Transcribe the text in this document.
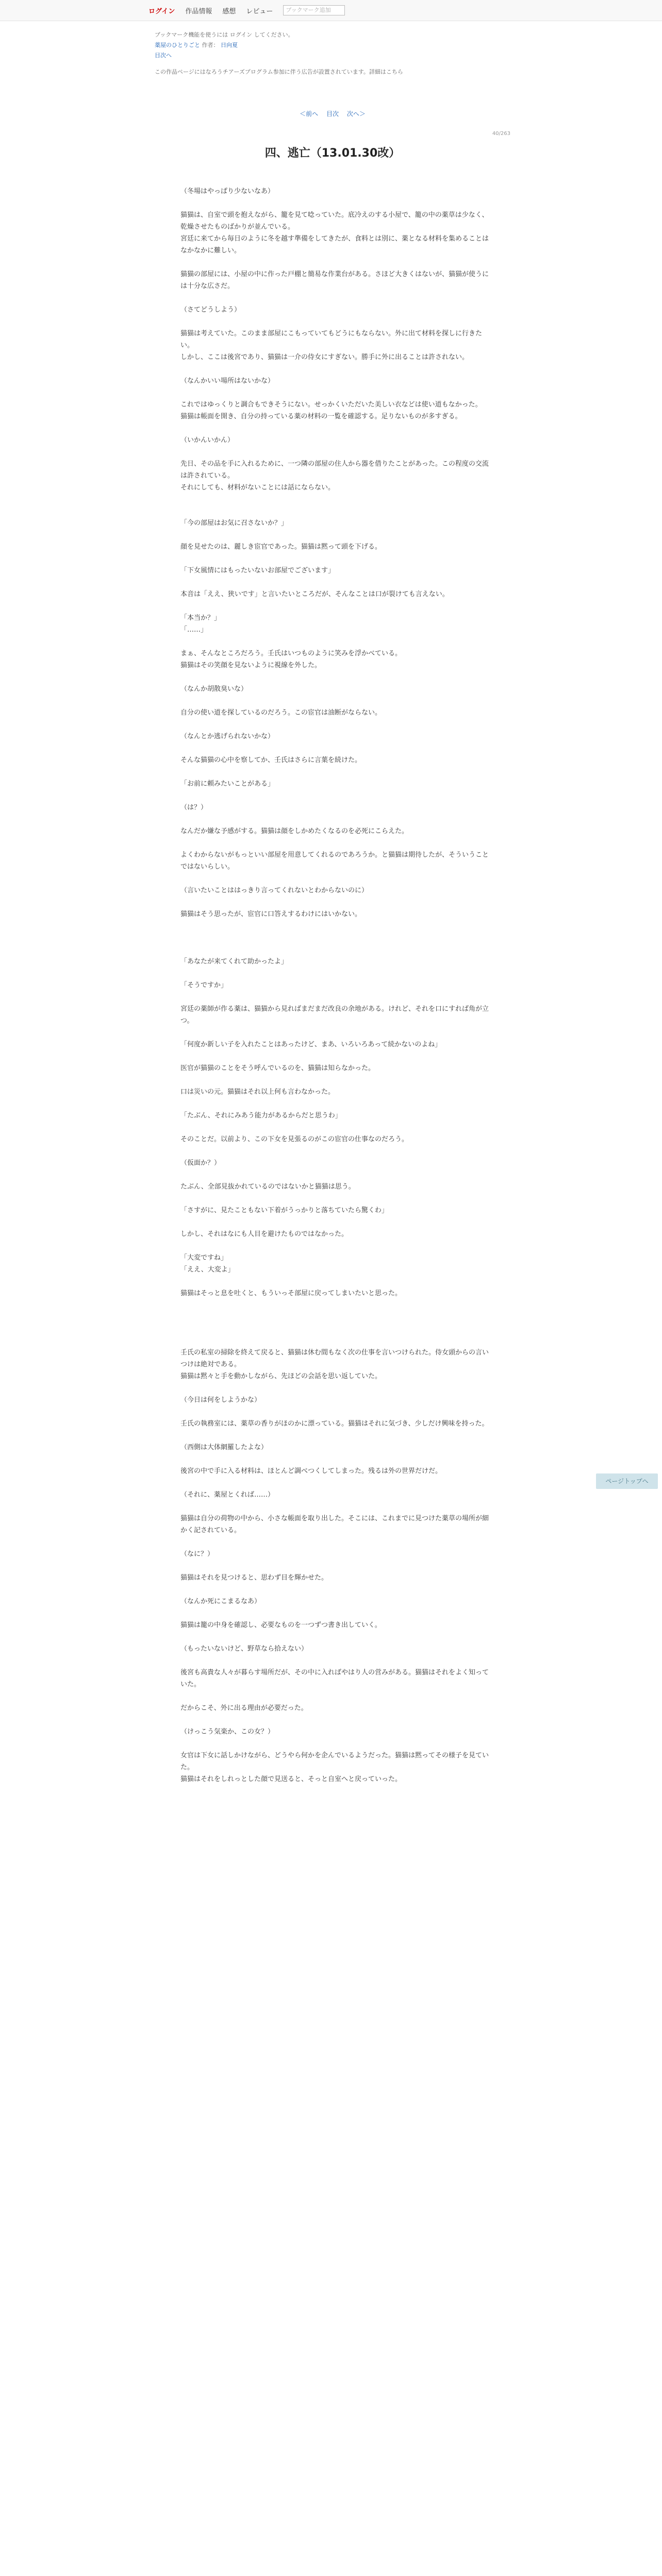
ログイン 作品情報 感想 レビュー	ブックマーク追加
ブックマーク機能を使うには ログイン してください。
薬屋のひとりごと 作者： 日向夏
目次へ
この作品ページにはなろうチアーズプログラム参加に伴う広告が設置されています。詳細はこちら
＜前へ 目次 次へ＞
40/263
四、逃亡（13.01.30改）

（冬場はやっぱり少ないなあ）

猫猫は、自室で頭を抱えながら、籠を見て唸っていた。底冷えのする小屋で、籠の中の薬草は少なく、乾燥させたものばかりが並んでいる。

宮廷に来てから毎日のように冬を越す準備をしてきたが、食料とは別に、薬となる材料を集めることはなかなかに難しい。

猫猫の部屋には、小屋の中に作った戸棚と簡易な作業台がある。さほど大きくはないが、猫猫が使うには十分な広さだ。

（さてどうしよう）

猫猫は考えていた。このまま部屋にこもっていてもどうにもならない。外に出て材料を探しに行きたい。

しかし、ここは後宮であり、猫猫は一介の侍女にすぎない。勝手に外に出ることは許されない。

（なんかいい場所はないかな）

これではゆっくりと調合もできそうにない。せっかくいただいた美しい衣などは使い道もなかった。

猫猫は帳面を開き、自分の持っている薬の材料の一覧を確認する。足りないものが多すぎる。

（いかんいかん）

先日、その品を手に入れるために、一つ隣の部屋の住人から器を借りたことがあった。この程度の交流は許されている。

それにしても、材料がないことには話にならない。

「今の部屋はお気に召さないか？」

顔を見せたのは、麗しき宦官であった。猫猫は黙って頭を下げる。

「下女風情にはもったいないお部屋でございます」

本音は「ええ、狭いです」と言いたいところだが、そんなことは口が裂けても言えない。

「本当か？」

「……」

まぁ、そんなところだろう。壬氏はいつものように笑みを浮かべている。

猫猫はその笑顔を見ないように視線を外した。

（なんか胡散臭いな）

自分の使い道を探しているのだろう。この宦官は油断がならない。

（なんとか逃げられないかな）

そんな猫猫の心中を察してか、壬氏はさらに言葉を続けた。

「お前に頼みたいことがある」

（は？）

なんだか嫌な予感がする。猫猫は顔をしかめたくなるのを必死にこらえた。

よくわからないがもっといい部屋を用意してくれるのであろうか。と猫猫は期待したが、そういうことではないらしい。

（言いたいことははっきり言ってくれないとわからないのに）

猫猫はそう思ったが、宦官に口答えするわけにはいかない。

「あなたが来てくれて助かったよ」

「そうですか」

宮廷の薬師が作る薬は、猫猫から見ればまだまだ改良の余地がある。けれど、それを口にすれば角が立つ。

「何度か新しい子を入れたことはあったけど、まあ、いろいろあって続かないのよね」

医官が猫猫のことをそう呼んでいるのを、猫猫は知らなかった。

口は災いの元。猫猫はそれ以上何も言わなかった。

「たぶん、それにみあう能力があるからだと思うわ」

そのことだ。以前より、この下女を見張るのがこの宦官の仕事なのだろう。

（仮面か？）

たぶん、全部見抜かれているのではないかと猫猫は思う。

「さすがに、見たこともない下着がうっかりと落ちていたら驚くわ」

しかし、それはなにも人目を避けたものではなかった。

「大変ですね」

「ええ、大変よ」

猫猫はそっと息を吐くと、もういっそ部屋に戻ってしまいたいと思った。

壬氏の私室の掃除を終えて戻ると、猫猫は休む間もなく次の仕事を言いつけられた。侍女頭からの言いつけは絶対である。

猫猫は黙々と手を動かしながら、先ほどの会話を思い返していた。

（今日は何をしようかな）

壬氏の執務室には、薬草の香りがほのかに漂っている。猫猫はそれに気づき、少しだけ興味を持った。

（西側は大体網羅したよな）

後宮の中で手に入る材料は、ほとんど調べつくしてしまった。残るは外の世界だけだ。

（それに、薬屋とくれば……）

猫猫は自分の荷物の中から、小さな帳面を取り出した。そこには、これまでに見つけた薬草の場所が細かく記されている。

（なに？）

猫猫はそれを見つけると、思わず目を輝かせた。

（なんか死にこまるなあ）

猫猫は籠の中身を確認し、必要なものを一つずつ書き出していく。

（もったいないけど、野草なら拾えない）

後宮も高貴な人々が暮らす場所だが、その中に入ればやはり人の営みがある。猫猫はそれをよく知っていた。

だからこそ、外に出る理由が必要だった。

（けっこう気楽か、この女？）

女官は下女に話しかけながら、どうやら何かを企んでいるようだった。猫猫は黙ってその様子を見ていた。

猫猫はそれをしれっとした顔で見送ると、そっと自室へと戻っていった。

ページトップへ
